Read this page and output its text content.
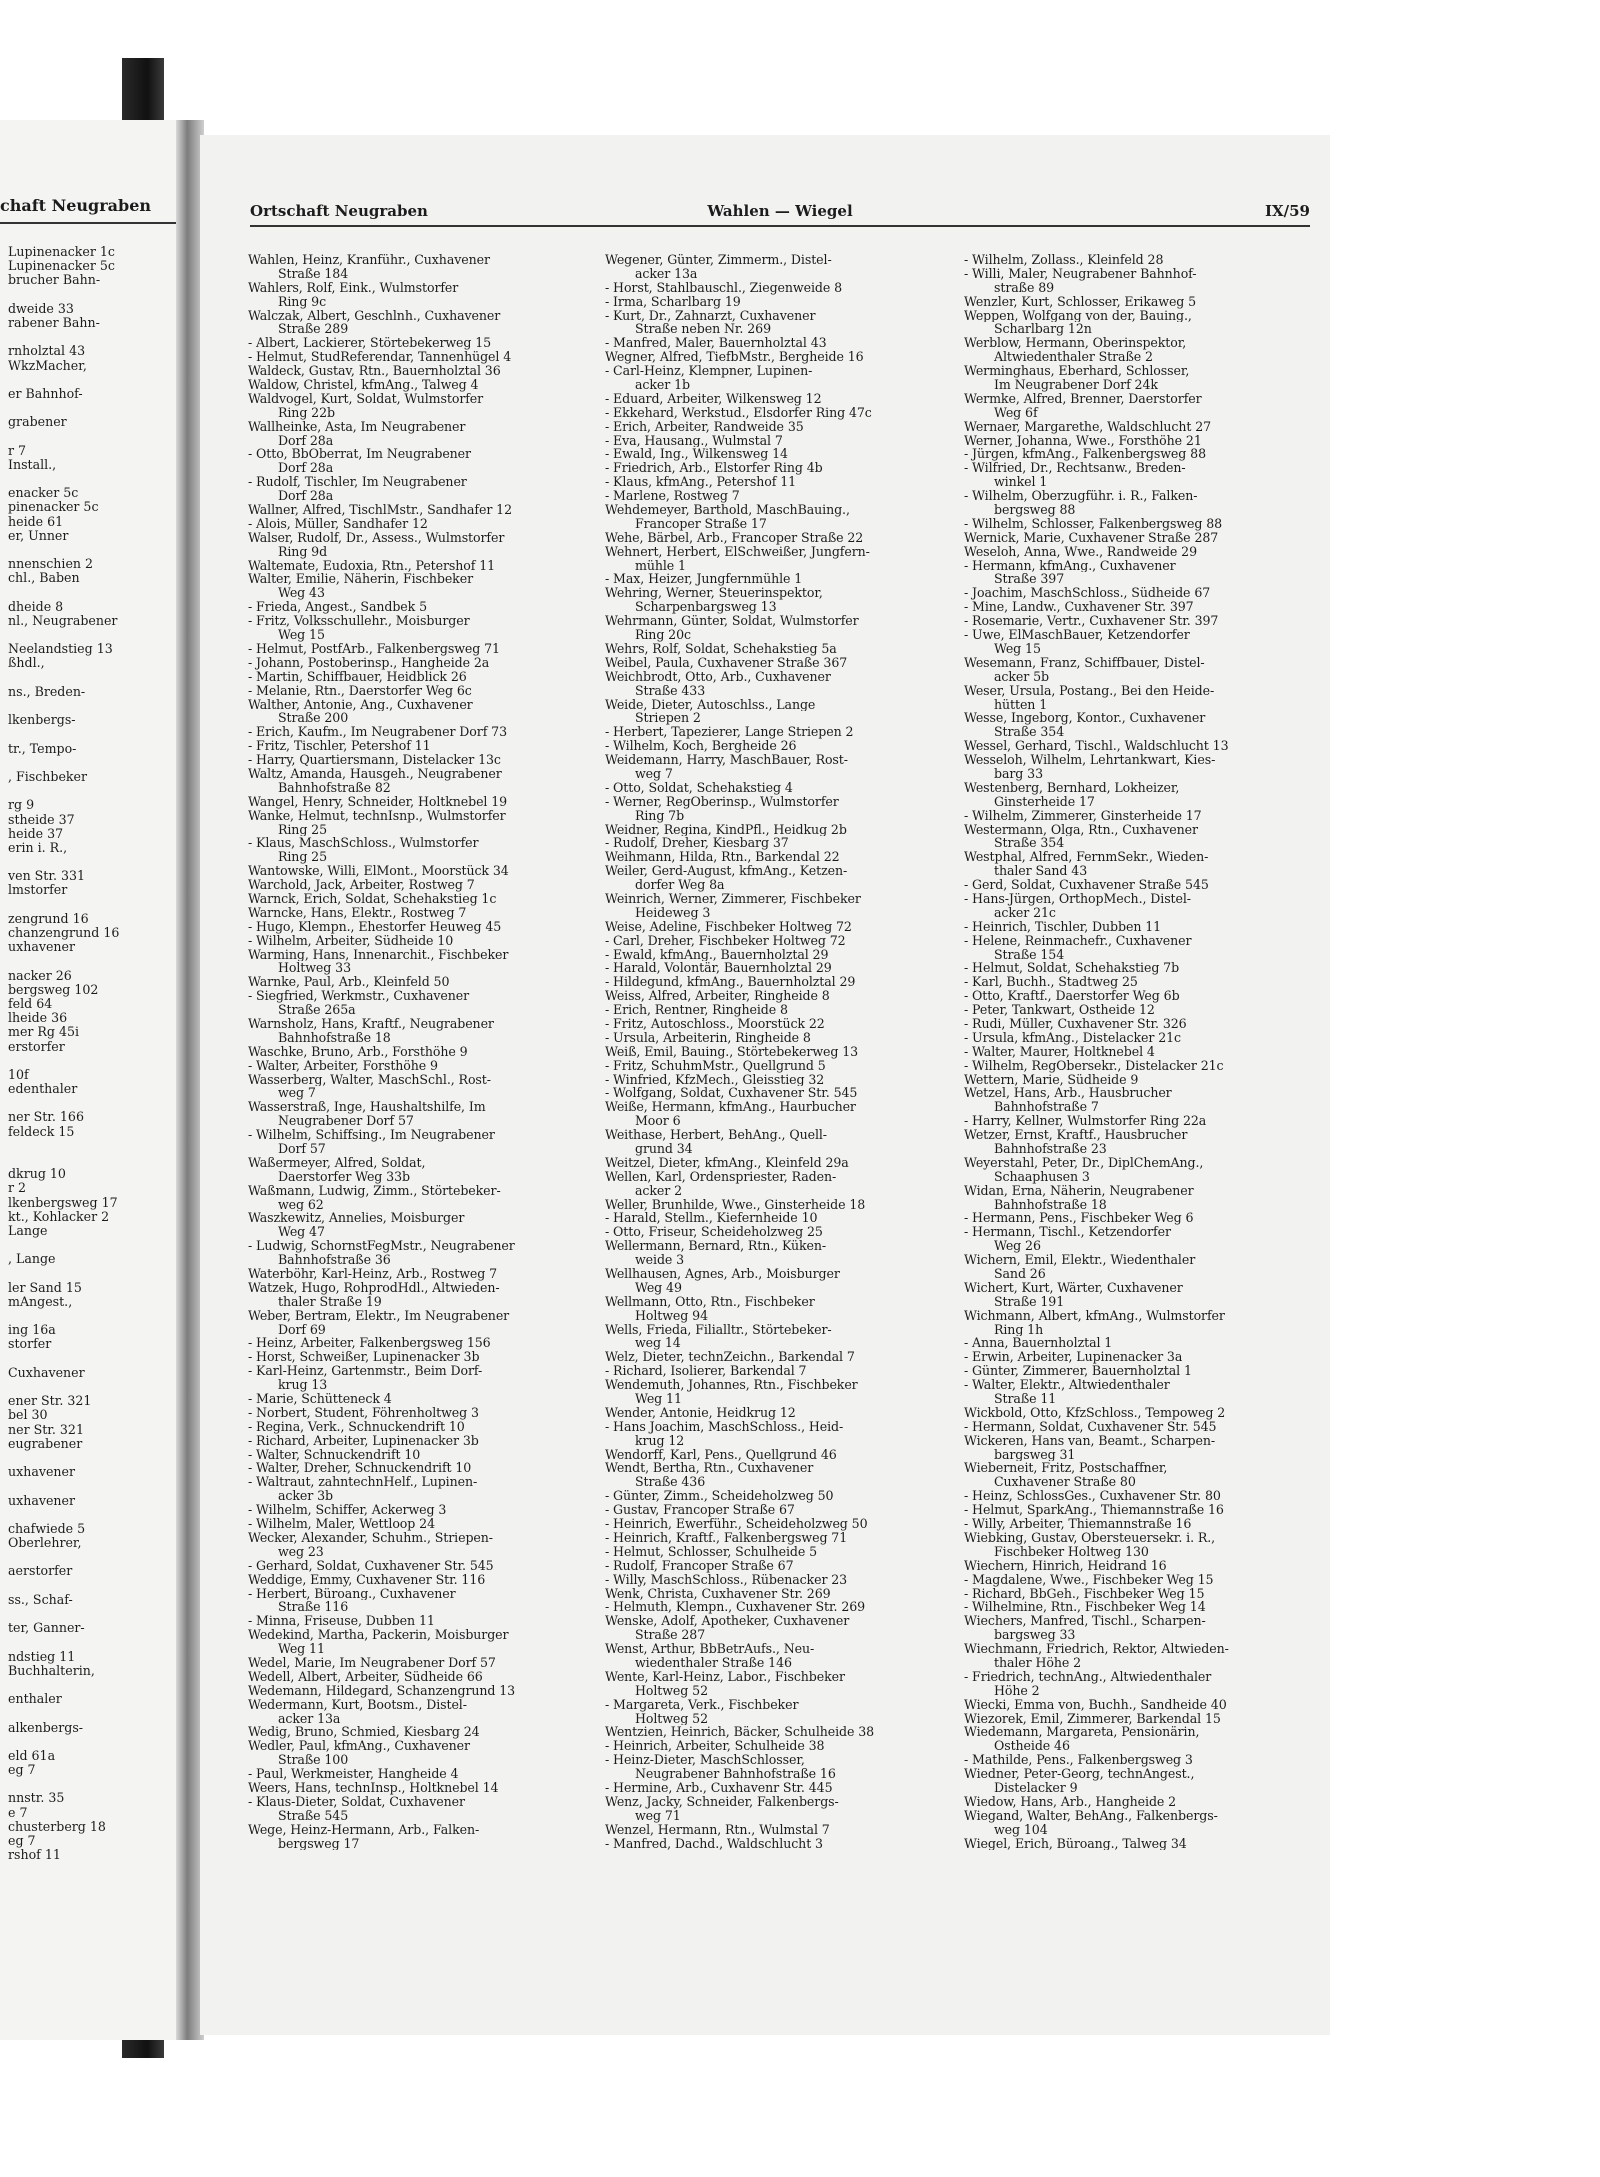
chaft Neugraben
Lupinenacker 1c
Lupinenacker 5c
brucher Bahn-
dweide 33
rabener Bahn-
rnholztal 43
WkzMacher,
er Bahnhof-
grabener
r 7
Install.,
enacker 5c
pinenacker 5c
heide 61
er, Unner
nnenschien 2
chl., Baben
dheide 8
nl., Neugrabener
Neelandstieg 13
ßhdl.,
ns., Breden-
lkenbergs-
tr., Tempo-
, Fischbeker
rg 9
stheide 37
heide 37
erin i. R.,
ven Str. 331
lmstorfer
zengrund 16
chanzengrund 16
uxhavener
nacker 26
bergsweg 102
feld 64
lheide 36
mer Rg 45i
erstorfer
10f
edenthaler
ner Str. 166
feldeck 15
dkrug 10
r 2
lkenbergsweg 17
kt., Kohlacker 2
Lange
, Lange
ler Sand 15
mAngest.,
ing 16a
storfer
Cuxhavener
ener Str. 321
bel 30
ner Str. 321
eugrabener
uxhavener
uxhavener
chafwiede 5
Oberlehrer,
aerstorfer
ss., Schaf-
ter, Ganner-
ndstieg 11
Buchhalterin,
enthaler
alkenbergs-
eld 61a
eg 7
nnstr. 35
e 7
chusterberg 18
eg 7
rshof 11
Ortschaft Neugraben	Wahlen — Wiegel	IX/59
Wahlen, Heinz, Kranführ., Cuxhavener
Straße 184
Wahlers, Rolf, Eink., Wulmstorfer
Ring 9c
Walczak, Albert, Geschlnh., Cuxhavener
Straße 289
- Albert, Lackierer, Störtebekerweg 15
- Helmut, StudReferendar, Tannenhügel 4
Waldeck, Gustav, Rtn., Bauernholztal 36
Waldow, Christel, kfmAng., Talweg 4
Waldvogel, Kurt, Soldat, Wulmstorfer
Ring 22b
Wallheinke, Asta, Im Neugrabener
Dorf 28a
- Otto, BbOberrat, Im Neugrabener
Dorf 28a
- Rudolf, Tischler, Im Neugrabener
Dorf 28a
Wallner, Alfred, TischlMstr., Sandhafer 12
- Alois, Müller, Sandhafer 12
Walser, Rudolf, Dr., Assess., Wulmstorfer
Ring 9d
Waltemate, Eudoxia, Rtn., Petershof 11
Walter, Emilie, Näherin, Fischbeker
Weg 43
- Frieda, Angest., Sandbek 5
- Fritz, Volksschullehr., Moisburger
Weg 15
- Helmut, PostfArb., Falkenbergsweg 71
- Johann, Postoberinsp., Hangheide 2a
- Martin, Schiffbauer, Heidblick 26
- Melanie, Rtn., Daerstorfer Weg 6c
Walther, Antonie, Ang., Cuxhavener
Straße 200
- Erich, Kaufm., Im Neugrabener Dorf 73
- Fritz, Tischler, Petershof 11
- Harry, Quartiersmann, Distelacker 13c
Waltz, Amanda, Hausgeh., Neugrabener
Bahnhofstraße 82
Wangel, Henry, Schneider, Holtknebel 19
Wanke, Helmut, technIsnp., Wulmstorfer
Ring 25
- Klaus, MaschSchloss., Wulmstorfer
Ring 25
Wantowske, Willi, ElMont., Moorstück 34
Warchold, Jack, Arbeiter, Rostweg 7
Warnck, Erich, Soldat, Schehakstieg 1c
Warncke, Hans, Elektr., Rostweg 7
- Hugo, Klempn., Ehestorfer Heuweg 45
- Wilhelm, Arbeiter, Südheide 10
Warming, Hans, Innenarchit., Fischbeker
Holtweg 33
Warnke, Paul, Arb., Kleinfeld 50
- Siegfried, Werkmstr., Cuxhavener
Straße 265a
Warnsholz, Hans, Kraftf., Neugrabener
Bahnhofstraße 18
Waschke, Bruno, Arb., Forsthöhe 9
- Walter, Arbeiter, Forsthöhe 9
Wasserberg, Walter, MaschSchl., Rost-
weg 7
Wasserstraß, Inge, Haushaltshilfe, Im
Neugrabener Dorf 57
- Wilhelm, Schiffsing., Im Neugrabener
Dorf 57
Waßermeyer, Alfred, Soldat,
Daerstorfer Weg 33b
Waßmann, Ludwig, Zimm., Störtebeker-
weg 62
Waszkewitz, Annelies, Moisburger
Weg 47
- Ludwig, SchornstFegMstr., Neugrabener
Bahnhofstraße 36
Waterböhr, Karl-Heinz, Arb., Rostweg 7
Watzek, Hugo, RohprodHdl., Altwieden-
thaler Straße 19
Weber, Bertram, Elektr., Im Neugrabener
Dorf 69
- Heinz, Arbeiter, Falkenbergsweg 156
- Horst, Schweißer, Lupinenacker 3b
- Karl-Heinz, Gartenmstr., Beim Dorf-
krug 13
- Marie, Schütteneck 4
- Norbert, Student, Föhrenholtweg 3
- Regina, Verk., Schnuckendrift 10
- Richard, Arbeiter, Lupinenacker 3b
- Walter, Schnuckendrift 10
- Walter, Dreher, Schnuckendrift 10
- Waltraut, zahntechnHelf., Lupinen-
acker 3b
- Wilhelm, Schiffer, Ackerweg 3
- Wilhelm, Maler, Wettloop 24
Wecker, Alexander, Schuhm., Striepen-
weg 23
- Gerhard, Soldat, Cuxhavener Str. 545
Weddige, Emmy, Cuxhavener Str. 116
- Herbert, Büroang., Cuxhavener
Straße 116
- Minna, Friseuse, Dubben 11
Wedekind, Martha, Packerin, Moisburger
Weg 11
Wedel, Marie, Im Neugrabener Dorf 57
Wedell, Albert, Arbeiter, Südheide 66
Wedemann, Hildegard, Schanzengrund 13
Wedermann, Kurt, Bootsm., Distel-
acker 13a
Wedig, Bruno, Schmied, Kiesbarg 24
Wedler, Paul, kfmAng., Cuxhavener
Straße 100
- Paul, Werkmeister, Hangheide 4
Weers, Hans, technInsp., Holtknebel 14
- Klaus-Dieter, Soldat, Cuxhavener
Straße 545
Wege, Heinz-Hermann, Arb., Falken-
bergsweg 17
Wegener, Günter, Zimmerm., Distel-
acker 13a
- Horst, Stahlbauschl., Ziegenweide 8
- Irma, Scharlbarg 19
- Kurt, Dr., Zahnarzt, Cuxhavener
Straße neben Nr. 269
- Manfred, Maler, Bauernholztal 43
Wegner, Alfred, TiefbMstr., Bergheide 16
- Carl-Heinz, Klempner, Lupinen-
acker 1b
- Eduard, Arbeiter, Wilkensweg 12
- Ekkehard, Werkstud., Elsdorfer Ring 47c
- Erich, Arbeiter, Randweide 35
- Eva, Hausang., Wulmstal 7
- Ewald, Ing., Wilkensweg 14
- Friedrich, Arb., Elstorfer Ring 4b
- Klaus, kfmAng., Petershof 11
- Marlene, Rostweg 7
Wehdemeyer, Barthold, MaschBauing.,
Francoper Straße 17
Wehe, Bärbel, Arb., Francoper Straße 22
Wehnert, Herbert, ElSchweißer, Jungfern-
mühle 1
- Max, Heizer, Jungfernmühle 1
Wehring, Werner, Steuerinspektor,
Scharpenbargsweg 13
Wehrmann, Günter, Soldat, Wulmstorfer
Ring 20c
Wehrs, Rolf, Soldat, Schehakstieg 5a
Weibel, Paula, Cuxhavener Straße 367
Weichbrodt, Otto, Arb., Cuxhavener
Straße 433
Weide, Dieter, Autoschlss., Lange
Striepen 2
- Herbert, Tapezierer, Lange Striepen 2
- Wilhelm, Koch, Bergheide 26
Weidemann, Harry, MaschBauer, Rost-
weg 7
- Otto, Soldat, Schehakstieg 4
- Werner, RegOberinsp., Wulmstorfer
Ring 7b
Weidner, Regina, KindPfl., Heidkug 2b
- Rudolf, Dreher, Kiesbarg 37
Weihmann, Hilda, Rtn., Barkendal 22
Weiler, Gerd-August, kfmAng., Ketzen-
dorfer Weg 8a
Weinrich, Werner, Zimmerer, Fischbeker
Heideweg 3
Weise, Adeline, Fischbeker Holtweg 72
- Carl, Dreher, Fischbeker Holtweg 72
- Ewald, kfmAng., Bauernholztal 29
- Harald, Volontär, Bauernholztal 29
- Hildegund, kfmAng., Bauernholztal 29
Weiss, Alfred, Arbeiter, Ringheide 8
- Erich, Rentner, Ringheide 8
- Fritz, Autoschloss., Moorstück 22
- Ursula, Arbeiterin, Ringheide 8
Weiß, Emil, Bauing., Störtebekerweg 13
- Fritz, SchuhmMstr., Quellgrund 5
- Winfried, KfzMech., Gleisstieg 32
- Wolfgang, Soldat, Cuxhavener Str. 545
Weiße, Hermann, kfmAng., Haurbucher
Moor 6
Weithase, Herbert, BehAng., Quell-
grund 34
Weitzel, Dieter, kfmAng., Kleinfeld 29a
Wellen, Karl, Ordenspriester, Raden-
acker 2
Weller, Brunhilde, Wwe., Ginsterheide 18
- Harald, Stellm., Kiefernheide 10
- Otto, Friseur, Scheideholzweg 25
Wellermann, Bernard, Rtn., Küken-
weide 3
Wellhausen, Agnes, Arb., Moisburger
Weg 49
Wellmann, Otto, Rtn., Fischbeker
Holtweg 94
Wells, Frieda, Filialltr., Störtebeker-
weg 14
Welz, Dieter, technZeichn., Barkendal 7
- Richard, Isolierer, Barkendal 7
Wendemuth, Johannes, Rtn., Fischbeker
Weg 11
Wender, Antonie, Heidkrug 12
- Hans Joachim, MaschSchloss., Heid-
krug 12
Wendorff, Karl, Pens., Quellgrund 46
Wendt, Bertha, Rtn., Cuxhavener
Straße 436
- Günter, Zimm., Scheideholzweg 50
- Gustav, Francoper Straße 67
- Heinrich, Ewerführ., Scheideholzweg 50
- Heinrich, Kraftf., Falkenbergsweg 71
- Helmut, Schlosser, Schulheide 5
- Rudolf, Francoper Straße 67
- Willy, MaschSchloss., Rübenacker 23
Wenk, Christa, Cuxhavener Str. 269
- Helmuth, Klempn., Cuxhavener Str. 269
Wenske, Adolf, Apotheker, Cuxhavener
Straße 287
Wenst, Arthur, BbBetrAufs., Neu-
wiedenthaler Straße 146
Wente, Karl-Heinz, Labor., Fischbeker
Holtweg 52
- Margareta, Verk., Fischbeker
Holtweg 52
Wentzien, Heinrich, Bäcker, Schulheide 38
- Heinrich, Arbeiter, Schulheide 38
- Heinz-Dieter, MaschSchlosser,
Neugrabener Bahnhofstraße 16
- Hermine, Arb., Cuxhavenr Str. 445
Wenz, Jacky, Schneider, Falkenbergs-
weg 71
Wenzel, Hermann, Rtn., Wulmstal 7
- Manfred, Dachd., Waldschlucht 3
- Wilhelm, Zollass., Kleinfeld 28
- Willi, Maler, Neugrabener Bahnhof-
straße 89
Wenzler, Kurt, Schlosser, Erikaweg 5
Weppen, Wolfgang von der, Bauing.,
Scharlbarg 12n
Werblow, Hermann, Oberinspektor,
Altwiedenthaler Straße 2
Werminghaus, Eberhard, Schlosser,
Im Neugrabener Dorf 24k
Wermke, Alfred, Brenner, Daerstorfer
Weg 6f
Wernaer, Margarethe, Waldschlucht 27
Werner, Johanna, Wwe., Forsthöhe 21
- Jürgen, kfmAng., Falkenbergsweg 88
- Wilfried, Dr., Rechtsanw., Breden-
winkel 1
- Wilhelm, Oberzugführ. i. R., Falken-
bergsweg 88
- Wilhelm, Schlosser, Falkenbergsweg 88
Wernick, Marie, Cuxhavener Straße 287
Weseloh, Anna, Wwe., Randweide 29
- Hermann, kfmAng., Cuxhavener
Straße 397
- Joachim, MaschSchloss., Südheide 67
- Mine, Landw., Cuxhavener Str. 397
- Rosemarie, Vertr., Cuxhavener Str. 397
- Uwe, ElMaschBauer, Ketzendorfer
Weg 15
Wesemann, Franz, Schiffbauer, Distel-
acker 5b
Weser, Ursula, Postang., Bei den Heide-
hütten 1
Wesse, Ingeborg, Kontor., Cuxhavener
Straße 354
Wessel, Gerhard, Tischl., Waldschlucht 13
Wesseloh, Wilhelm, Lehrtankwart, Kies-
barg 33
Westenberg, Bernhard, Lokheizer,
Ginsterheide 17
- Wilhelm, Zimmerer, Ginsterheide 17
Westermann, Olga, Rtn., Cuxhavener
Straße 354
Westphal, Alfred, FernmSekr., Wieden-
thaler Sand 43
- Gerd, Soldat, Cuxhavener Straße 545
- Hans-Jürgen, OrthopMech., Distel-
acker 21c
- Heinrich, Tischler, Dubben 11
- Helene, Reinmachefr., Cuxhavener
Straße 154
- Helmut, Soldat, Schehakstieg 7b
- Karl, Buchh., Stadtweg 25
- Otto, Kraftf., Daerstorfer Weg 6b
- Peter, Tankwart, Ostheide 12
- Rudi, Müller, Cuxhavener Str. 326
- Ursula, kfmAng., Distelacker 21c
- Walter, Maurer, Holtknebel 4
- Wilhelm, RegObersekr., Distelacker 21c
Wettern, Marie, Südheide 9
Wetzel, Hans, Arb., Hausbrucher
Bahnhofstraße 7
- Harry, Kellner, Wulmstorfer Ring 22a
Wetzer, Ernst, Kraftf., Hausbrucher
Bahnhofstraße 23
Weyerstahl, Peter, Dr., DiplChemAng.,
Schaaphusen 3
Widan, Erna, Näherin, Neugrabener
Bahnhofstraße 18
- Hermann, Pens., Fischbeker Weg 6
- Hermann, Tischl., Ketzendorfer
Weg 26
Wichern, Emil, Elektr., Wiedenthaler
Sand 26
Wichert, Kurt, Wärter, Cuxhavener
Straße 191
Wichmann, Albert, kfmAng., Wulmstorfer
Ring 1h
- Anna, Bauernholztal 1
- Erwin, Arbeiter, Lupinenacker 3a
- Günter, Zimmerer, Bauernholztal 1
- Walter, Elektr., Altwiedenthaler
Straße 11
Wickbold, Otto, KfzSchloss., Tempoweg 2
- Hermann, Soldat, Cuxhavener Str. 545
Wickeren, Hans van, Beamt., Scharpen-
bargsweg 31
Wieberneit, Fritz, Postschaffner,
Cuxhavener Straße 80
- Heinz, SchlossGes., Cuxhavener Str. 80
- Helmut, SparkAng., Thiemannstraße 16
- Willy, Arbeiter, Thiemannstraße 16
Wiebking, Gustav, Obersteuersekr. i. R.,
Fischbeker Holtweg 130
Wiechern, Hinrich, Heidrand 16
- Magdalene, Wwe., Fischbeker Weg 15
- Richard, BbGeh., Fischbeker Weg 15
- Wilhelmine, Rtn., Fischbeker Weg 14
Wiechers, Manfred, Tischl., Scharpen-
bargsweg 33
Wiechmann, Friedrich, Rektor, Altwieden-
thaler Höhe 2
- Friedrich, technAng., Altwiedenthaler
Höhe 2
Wiecki, Emma von, Buchh., Sandheide 40
Wiezorek, Emil, Zimmerer, Barkendal 15
Wiedemann, Margareta, Pensionärin,
Ostheide 46
- Mathilde, Pens., Falkenbergsweg 3
Wiedner, Peter-Georg, technAngest.,
Distelacker 9
Wiedow, Hans, Arb., Hangheide 2
Wiegand, Walter, BehAng., Falkenbergs-
weg 104
Wiegel, Erich, Büroang., Talweg 34
